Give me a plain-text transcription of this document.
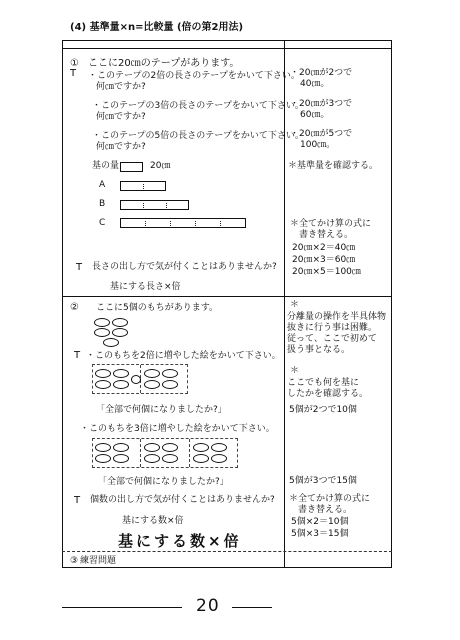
(4) 基準量×n=比較量 (倍の第2用法)
①
T
ここに20㎝のテープがあります。
・このテープの2倍の長さのテープをかいて下さい。
何㎝ですか?
・このテープの3倍の長さのテープをかいて下さい。
何㎝ですか?
・このテープの5倍の長さのテープをかいて下さい。
何㎝ですか?
基の量	20㎝
A
B
C
T 長さの出し方で気が付くことはありませんか?
基にする長さ×倍
・20㎝が2つで
40㎝。
・20㎝が3つで
60㎝。
・20㎝が5つで
100㎝。
＊基準量を確認する。
＊全てかけ算の式に
書き替える。
20㎝×2＝40㎝
20㎝×3＝60㎝
20㎝×5＝100㎝
② ここに5個のもちがあります。
T ・このもちを2倍に増やした絵をかいて下さい。
「全部で何個になりましたか?」
・このもちを3倍に増やした絵をかいて下さい。
「全部で何個になりましたか?」
T 個数の出し方で気が付くことはありませんか?
基にする数×倍
基にする数×倍
＊
分離量の操作を半具体物
抜きに行う事は困難。
従って、ここで初めて
扱う事となる。
＊
ここでも何を基に
したかを確認する。
5個が2つで10個
5個が3つで15個
＊全てかけ算の式に
書き替える。
5個×2＝10個
5個×3＝15個
③ 練習問題
20
